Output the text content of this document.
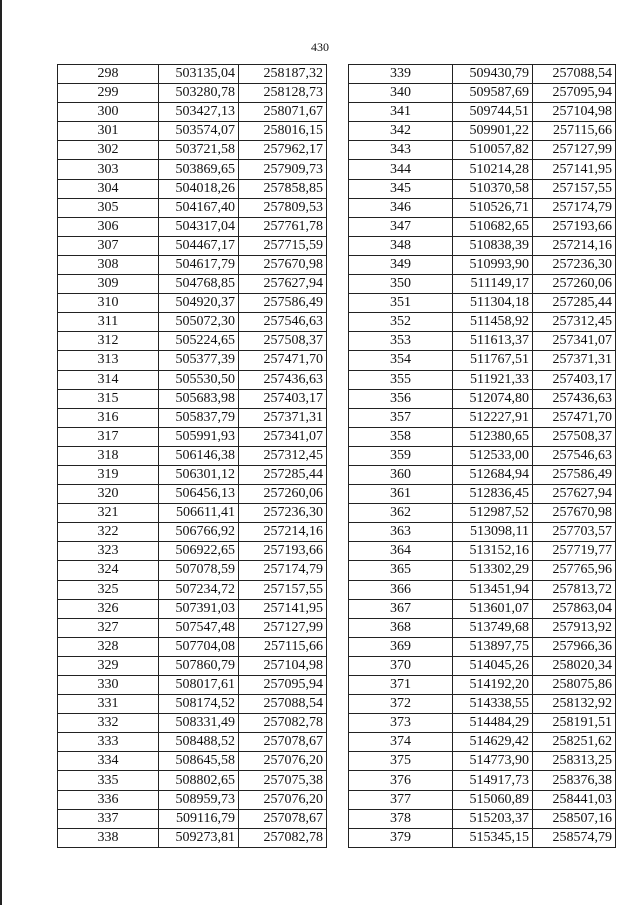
430
298	503135,04	258187,32
299	503280,78	258128,73
300	503427,13	258071,67
301	503574,07	258016,15
302	503721,58	257962,17
303	503869,65	257909,73
304	504018,26	257858,85
305	504167,40	257809,53
306	504317,04	257761,78
307	504467,17	257715,59
308	504617,79	257670,98
309	504768,85	257627,94
310	504920,37	257586,49
311	505072,30	257546,63
312	505224,65	257508,37
313	505377,39	257471,70
314	505530,50	257436,63
315	505683,98	257403,17
316	505837,79	257371,31
317	505991,93	257341,07
318	506146,38	257312,45
319	506301,12	257285,44
320	506456,13	257260,06
321	506611,41	257236,30
322	506766,92	257214,16
323	506922,65	257193,66
324	507078,59	257174,79
325	507234,72	257157,55
326	507391,03	257141,95
327	507547,48	257127,99
328	507704,08	257115,66
329	507860,79	257104,98
330	508017,61	257095,94
331	508174,52	257088,54
332	508331,49	257082,78
333	508488,52	257078,67
334	508645,58	257076,20
335	508802,65	257075,38
336	508959,73	257076,20
337	509116,79	257078,67
338	509273,81	257082,78
339	509430,79	257088,54
340	509587,69	257095,94
341	509744,51	257104,98
342	509901,22	257115,66
343	510057,82	257127,99
344	510214,28	257141,95
345	510370,58	257157,55
346	510526,71	257174,79
347	510682,65	257193,66
348	510838,39	257214,16
349	510993,90	257236,30
350	511149,17	257260,06
351	511304,18	257285,44
352	511458,92	257312,45
353	511613,37	257341,07
354	511767,51	257371,31
355	511921,33	257403,17
356	512074,80	257436,63
357	512227,91	257471,70
358	512380,65	257508,37
359	512533,00	257546,63
360	512684,94	257586,49
361	512836,45	257627,94
362	512987,52	257670,98
363	513098,11	257703,57
364	513152,16	257719,77
365	513302,29	257765,96
366	513451,94	257813,72
367	513601,07	257863,04
368	513749,68	257913,92
369	513897,75	257966,36
370	514045,26	258020,34
371	514192,20	258075,86
372	514338,55	258132,92
373	514484,29	258191,51
374	514629,42	258251,62
375	514773,90	258313,25
376	514917,73	258376,38
377	515060,89	258441,03
378	515203,37	258507,16
379	515345,15	258574,79
